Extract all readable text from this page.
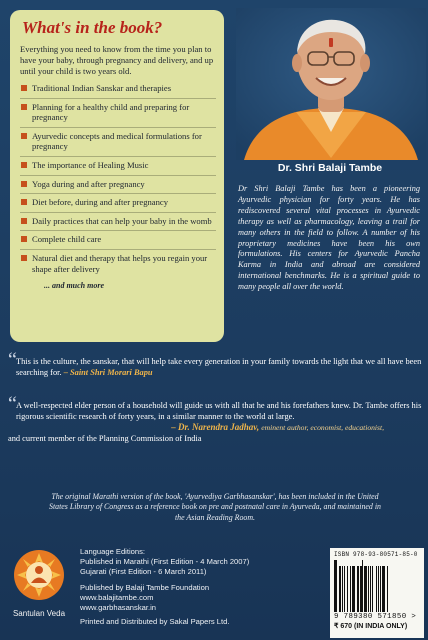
What's in the book?
Everything you need to know from the time you plan to have your baby, through pregnancy and delivery, and up until your child is two years old.
Traditional Indian Sanskar and therapies
Planning for a healthy child and preparing for pregnancy
Ayurvedic concepts and medical formulations for pregnancy
The importance of Healing Music
Yoga during and after pregnancy
Diet before, during and after pregnancy
Daily practices that can help your baby in the womb
Complete child care
Natural diet and therapy that helps you regain your shape after delivery
... and much more
Dr. Shri Balaji Tambe
Dr Shri Balaji Tambe has been a pioneering Ayurvedic physician for forty years. He has rediscovered several vital processes in Ayurvedic therapy as well as pharmacology, leaving a trail for many others in the field to follow. A number of his proprietary medicines have been his own formulations. His centers for Ayurvedic Pancha Karma in India and abroad are considered international benchmarks. He is a spiritual guide to many people all over the world.
“ This is the culture, the sanskar, that will help take every generation in your family towards the light that we all have been searching for. – Saint Shri Morari Bapu
“ A well-respected elder person of a household will guide us with all that he and his forefathers knew. Dr. Tambe offers his rigorous scientific research of forty years, in a similar manner to the world at large.
– Dr. Narendra Jadhav, eminent author, economist, educationist,
and current member of the Planning Commission of India
The original Marathi version of the book, 'Ayurvediya Garbhasanskar', has been included in the United States Library of Congress as a reference book on pre and postnatal care in Ayurveda, and maintained in the Asian Reading Room.
Santulan Veda
Language Editions:
Published in Marathi (First Edition - 4 March 2007)
Gujarati (First Edition - 6 March 2011)
Published by Balaji Tambe Foundation
www.balajitambe.com
www.garbhasanskar.in
Printed and Distributed by Sakal Papers Ltd.
ISBN 978-93-80571-85-0
9 789380 571850 >
₹ 670 (IN INDIA ONLY)
